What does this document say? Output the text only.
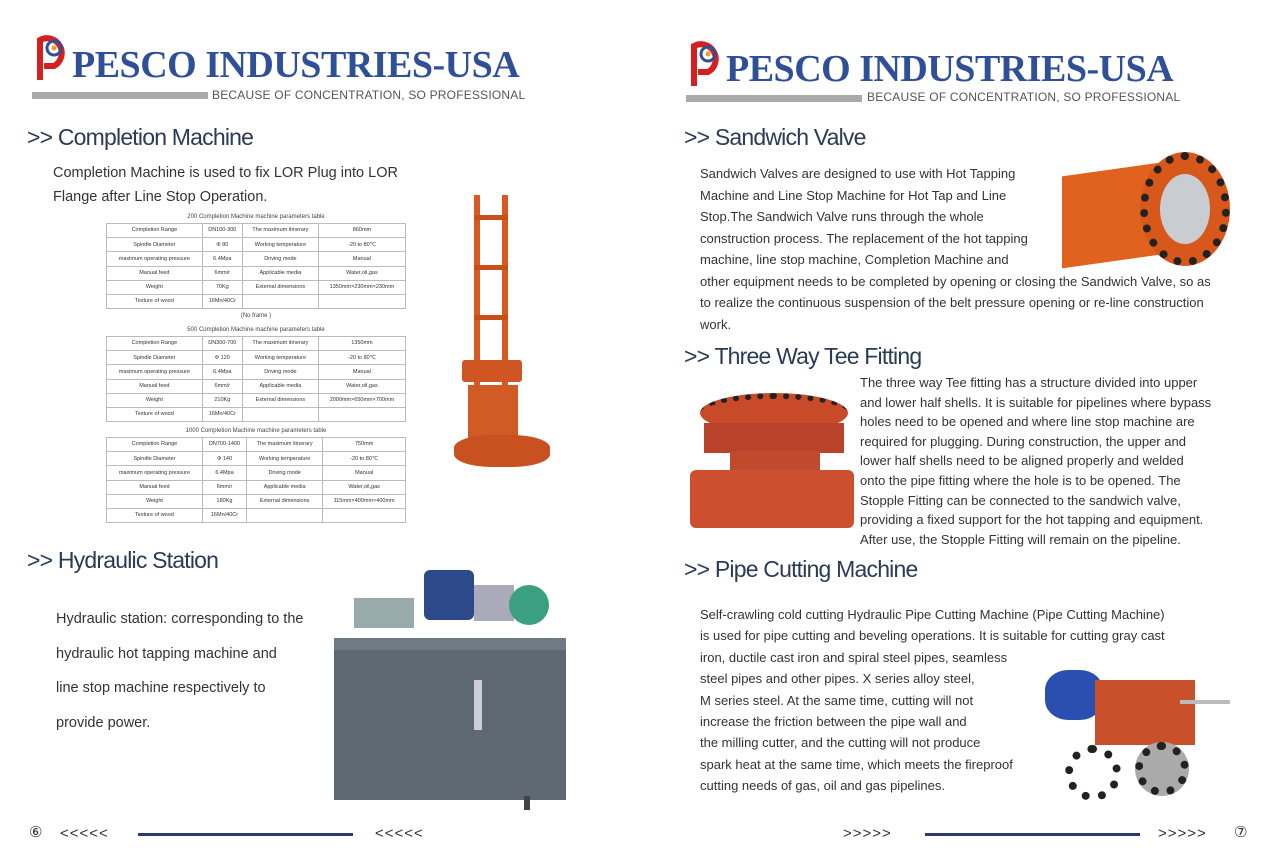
PESCO INDUSTRIES-USA
BECAUSE OF CONCENTRATION, SO PROFESSIONAL
PESCO INDUSTRIES-USA
BECAUSE OF CONCENTRATION, SO PROFESSIONAL
>> Completion Machine
Completion Machine is used to fix LOR Plug into LOR
Flange after Line Stop Operation.
200 Completion Machine machine parameters table
Completion Range	DN100-300	The maximum itinerary	860mm
Spindle Diameter	Φ 80	Working temperature	-20 to 80℃
maximum operating pressure	6.4Mpa	Driving mode	Manual
Manual feed	6mm/r	Applicable media	Water,oil,gas
Weight	70Kg	External dimensions	1350mm×230mm×230mm
Texture of wood	16Mn/40Cr		
500 Completion Machine machine parameters table
Completion Range	DN300-700	The maximum itinerary	1350mm
Spindle Diameter	Φ 120	Working temperature	-20 to 80℃
maximum operating pressure	6.4Mpa	Driving mode	Manual
Manual feed	6mm/r	Applicable media	Water,oil,gas
Weight	210Kg	External dimensions	2000mm×650mm×700mm
Texture of wood	16Mn/40Cr		
1000 Completion Machine machine parameters table
Completion Range	DN700-1400	The maximum itinerary	750mm
Spindle Diameter	Φ 140	Working temperature	-20 to 80℃
maximum operating pressure	6.4Mpa	Driving mode	Manual
Manual feed	6mm/r	Applicable media	Water,oil,gas
Weight	180Kg	External dimensions	115mm×400mm×400mm
Texture of wood	16Mn/40Cr		
(No frame )
>> Hydraulic Station
Hydraulic station: corresponding to the
hydraulic hot tapping machine and
line stop machine respectively to
provide power.
>> Sandwich Valve
Sandwich Valves are designed to use with Hot Tapping
Machine and Line Stop Machine for Hot Tap and Line
Stop.The Sandwich Valve runs through the whole
construction process. The replacement of the hot tapping
machine, line stop machine, Completion Machine and
other equipment needs to be completed by opening or closing the Sandwich Valve, so as
to realize the continuous suspension of the belt pressure opening or re-line construction
work.
>> Three Way Tee Fitting
The three way Tee fitting has a structure divided into upper
and lower half shells. It is suitable for pipelines where bypass
holes need to be opened and where line stop machine are
required for plugging. During construction, the upper and
lower half shells need to be aligned properly and welded
onto the pipe fitting where the hole is to be opened. The
Stopple Fitting can be connected to the sandwich valve,
providing a fixed support for the hot tapping and equipment.
After use, the Stopple Fitting will remain on the pipeline.
>> Pipe Cutting Machine
Self-crawling cold cutting Hydraulic Pipe Cutting Machine (Pipe Cutting Machine)
is used for pipe cutting and beveling operations. It is suitable for cutting gray cast
iron, ductile cast iron and spiral steel pipes, seamless
steel pipes and other pipes. X series alloy steel,
M series steel. At the same time, cutting will not
increase the friction between the pipe wall and
the milling cutter, and the cutting will not produce
spark heat at the same time, which meets the fireproof
cutting needs of gas, oil and gas pipelines.
⑥ <<<<<	<<<<<	>>>>>	>>>>> ⑦
